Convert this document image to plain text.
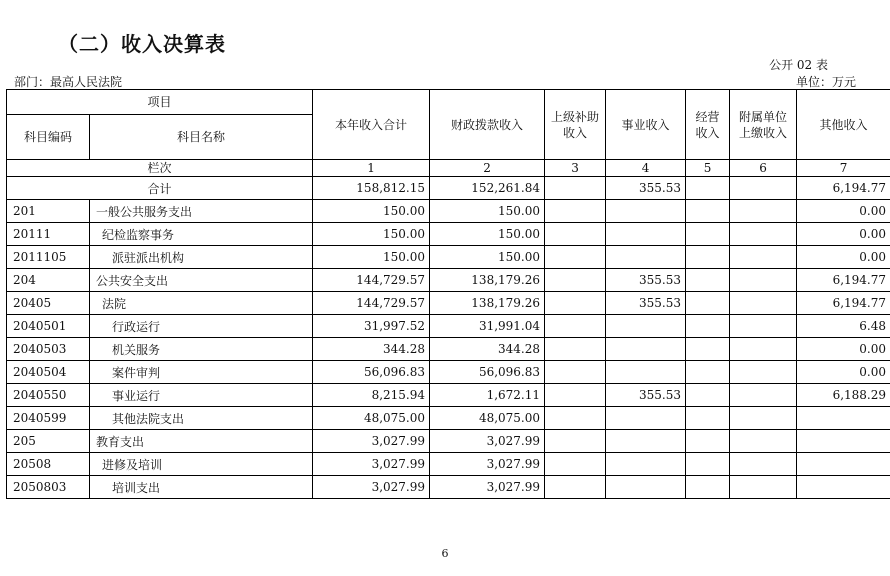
（二）收入决算表
公开 02 表
部门：最高人民法院	单位：万元
项目		本年收入合计	财政拨款收入	上级补助收入	事业收入	经营收入	附属单位上缴收入	其他收入
科目编码	科目名称							
栏次		1	2	3	4	5	6	7
合计		158,812.15	152,261.84		355.53			6,194.77
201	一般公共服务支出	150.00	150.00					0.00
20111	纪检监察事务	150.00	150.00					0.00
2011105	派驻派出机构	150.00	150.00					0.00
204	公共安全支出	144,729.57	138,179.26		355.53			6,194.77
20405	法院	144,729.57	138,179.26		355.53			6,194.77
2040501	行政运行	31,997.52	31,991.04					6.48
2040503	机关服务	344.28	344.28					0.00
2040504	案件审判	56,096.83	56,096.83					0.00
2040550	事业运行	8,215.94	1,672.11		355.53			6,188.29
2040599	其他法院支出	48,075.00	48,075.00					
205	教育支出	3,027.99	3,027.99					
20508	进修及培训	3,027.99	3,027.99					
2050803	培训支出	3,027.99	3,027.99					
6
